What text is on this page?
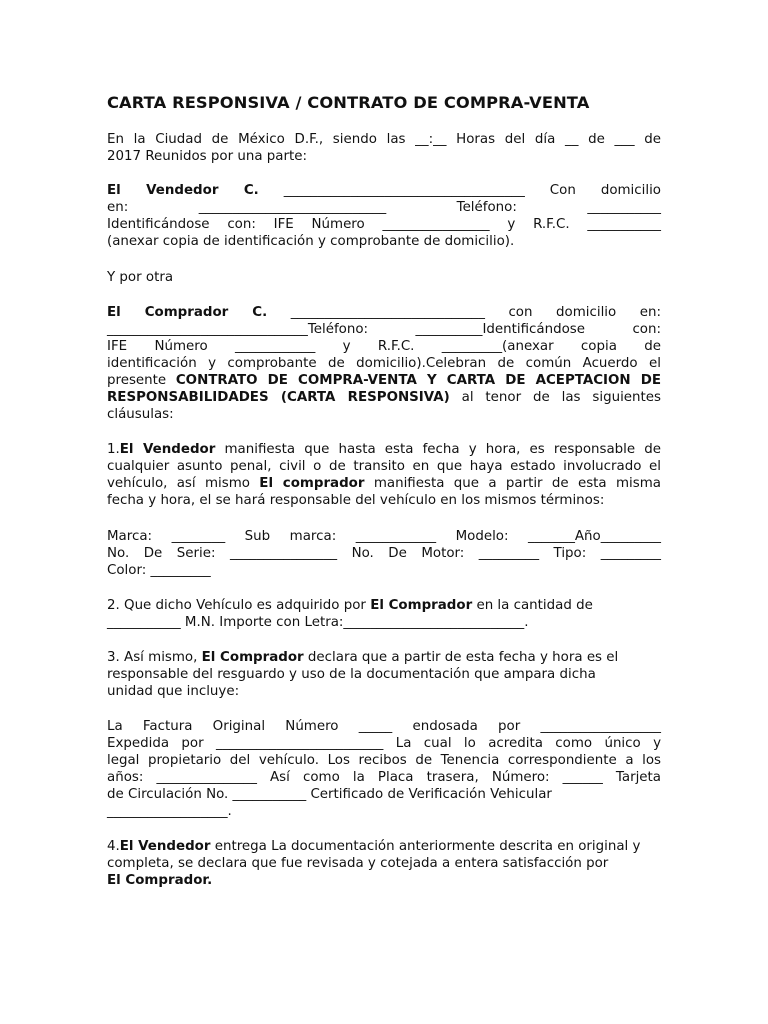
CARTA RESPONSIVA / CONTRATO DE COMPRA-VENTA
En la Ciudad de México D.F., siendo las __:__ Horas del día __ de ___ de
2017 Reunidos por una parte:
El Vendedor C. ____________________________________ Con domicilio
en: ____________________________ Teléfono: ___________
Identificándose con: IFE Número ________________ y R.F.C. ___________
(anexar copia de identificación y comprobante de domicilio).
Y por otra
El Comprador C. _____________________________ con domicilio en:
______________________________Teléfono: __________Identificándose con:
IFE Número ____________ y R.F.C. _________(anexar copia de
identificación y comprobante de domicilio).Celebran de común Acuerdo el
presente CONTRATO DE COMPRA-VENTA Y CARTA DE ACEPTACION DE
RESPONSABILIDADES (CARTA RESPONSIVA) al tenor de las siguientes
cláusulas:
1.El Vendedor manifiesta que hasta esta fecha y hora, es responsable de
cualquier asunto penal, civil o de transito en que haya estado involucrado el
vehículo, así mismo El comprador manifiesta que a partir de esta misma
fecha y hora, el se hará responsable del vehículo en los mismos términos:
Marca: ________ Sub marca: ____________ Modelo: _______Año_________
No. De Serie: ________________ No. De Motor: _________ Tipo: _________
Color: _________
2. Que dicho Vehículo es adquirido por El Comprador en la cantidad de
___________ M.N. Importe con Letra:___________________________.
3. Así mismo, El Comprador declara que a partir de esta fecha y hora es el
responsable del resguardo y uso de la documentación que ampara dicha
unidad que incluye:
La Factura Original Número _____ endosada por __________________
Expedida por _________________________ La cual lo acredita como único y
legal propietario del vehículo. Los recibos de Tenencia correspondiente a los
años: _______________ Así como la Placa trasera, Número: ______ Tarjeta
de Circulación No. ___________ Certificado de Verificación Vehicular
__________________.
4.El Vendedor entrega La documentación anteriormente descrita en original y
completa, se declara que fue revisada y cotejada a entera satisfacción por
El Comprador.
